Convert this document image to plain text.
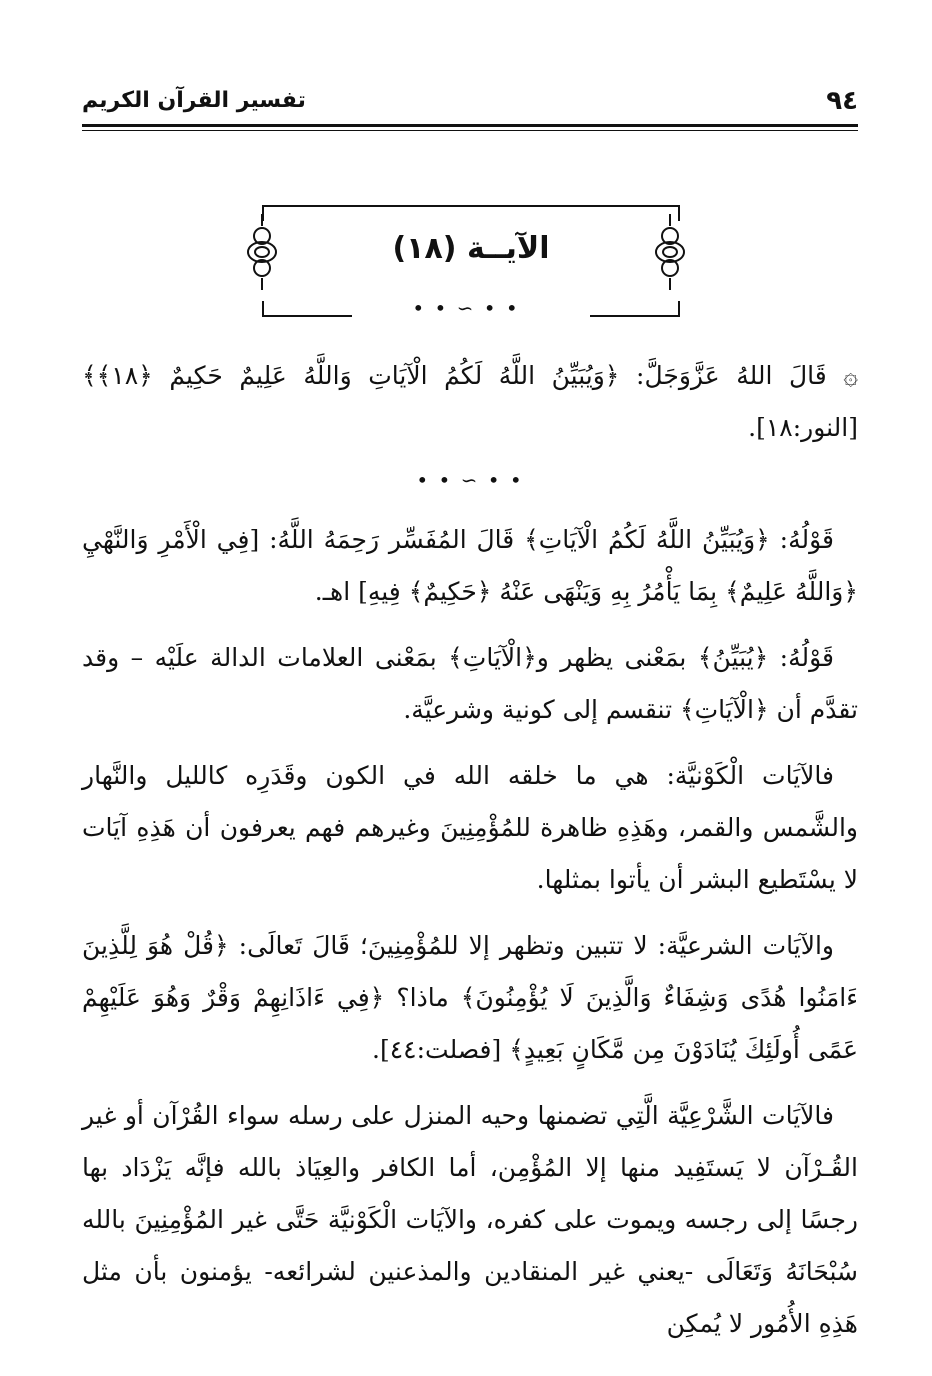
٩٤
تفسير القرآن الكريم
الآيــة (١٨)
• • ∽ • •

۞ قَالَ اللهُ عَزَّوَجَلَّ: ﴿وَيُبَيِّنُ اللَّهُ لَكُمُ الْآيَاتِ وَاللَّهُ عَلِيمٌ حَكِيمٌ ﴿١٨﴾﴾ [النور:١٨].

• • ∽ • •

قَوْلُهُ: ﴿وَيُبَيِّنُ اللَّهُ لَكُمُ الْآيَاتِ﴾ قَالَ المُفَسِّر رَحِمَهُ اللَّهُ: [فِي الْأَمْرِ وَالنَّهْيِ ﴿وَاللَّهُ عَلِيمٌ﴾ بِمَا يَأْمُرُ بِهِ وَيَنْهَى عَنْهُ ﴿حَكِيمٌ﴾ فِيهِ] اهـ.

قَوْلُهُ: ﴿يُبَيِّنُ﴾ بمَعْنى يظهر و﴿الْآيَاتِ﴾ بمَعْنى العلامات الدالة علَيْه – وقد تقدَّم أن ﴿الْآيَاتِ﴾ تنقسم إلى كونية وشرعيَّة.

فالآيَات الْكَوْنيَّة: هي ما خلقه الله في الكون وقَدَرِه كالليل والنَّهار والشَّمس والقمر، وهَذِهِ ظاهرة للمُؤْمِنِينَ وغيرهم فهم يعرفون أن هَذِهِ آيَات لا يسْتَطيع البشر أن يأتوا بمثلها.

والآيَات الشرعيَّة: لا تتبين وتظهر إلا للمُؤْمِنِينَ؛ قَالَ تَعالَى: ﴿قُلْ هُوَ لِلَّذِينَ ءَامَنُوا هُدًى وَشِفَاءٌ وَالَّذِينَ لَا يُؤْمِنُونَ﴾ ماذا؟ ﴿فِي ءَاذَانِهِمْ وَقْرٌ وَهُوَ عَلَيْهِمْ عَمًى أُولَئِكَ يُنَادَوْنَ مِن مَّكَانٍ بَعِيدٍ﴾ [فصلت:٤٤].

فالآيَات الشَّرْعِيَّة الَّتِي تضمنها وحيه المنزل على رسله سواء القُرْآن أو غير القُـرْآن لا يَستَفِيد منها إلا المُؤْمِن، أما الكافر والعِيَاذ بالله فإنَّه يَزْدَاد بها رجسًا إلى رجسه ويموت على كفره، والآيَات الْكَوْنيَّة حَتَّى غير المُؤْمِنِينَ بالله سُبْحَانَهُ وَتَعَالَى -يعني غير المنقادين والمذعنين لشرائعه- يؤمنون بأن مثل هَذِهِ الأُمُور لا يُمكِن
